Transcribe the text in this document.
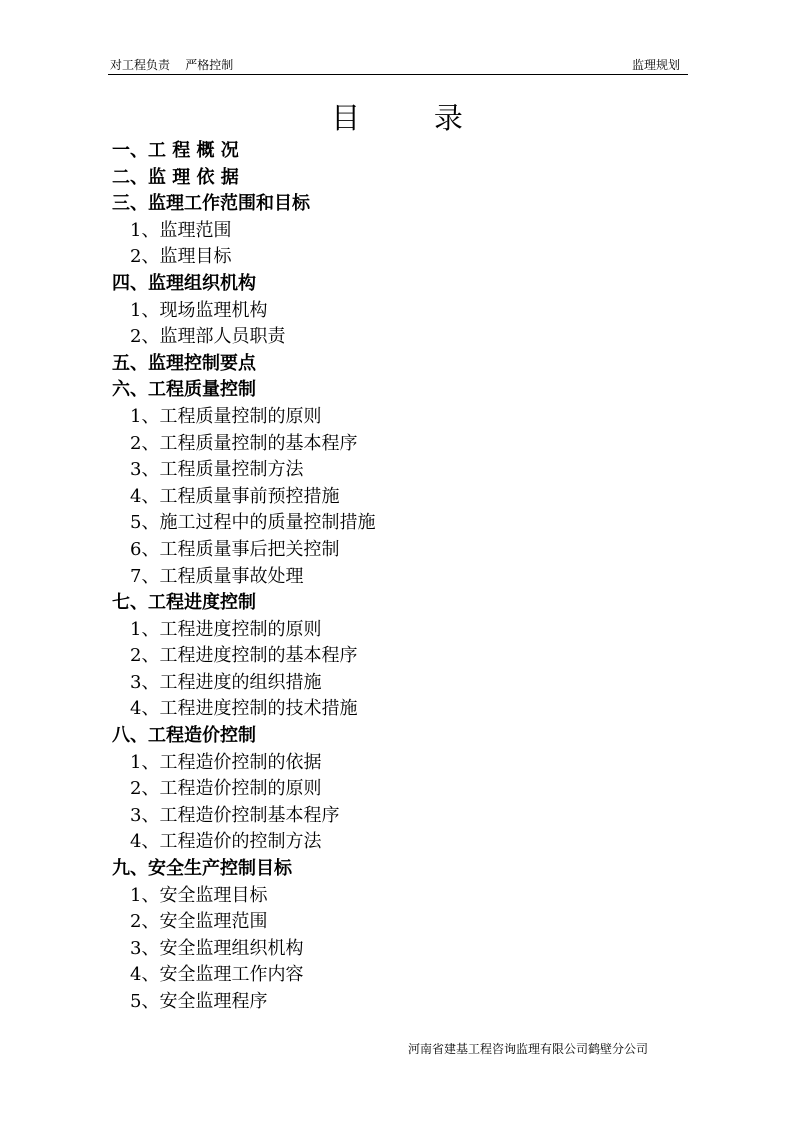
对工程负责    严格控制	监理规划
目        录
一、工 程 概 况
二、监 理 依 据
三、监理工作范围和目标
1、监理范围
2、监理目标
四、监理组织机构
1、现场监理机构
2、监理部人员职责
五、监理控制要点
六、工程质量控制
1、工程质量控制的原则
2、工程质量控制的基本程序
3、工程质量控制方法
4、工程质量事前预控措施
5、施工过程中的质量控制措施
6、工程质量事后把关控制
7、工程质量事故处理
七、工程进度控制
1、工程进度控制的原则
2、工程进度控制的基本程序
3、工程进度的组织措施
4、工程进度控制的技术措施
八、工程造价控制
1、工程造价控制的依据
2、工程造价控制的原则
3、工程造价控制基本程序
4、工程造价的控制方法
九、安全生产控制目标
1、安全监理目标
2、安全监理范围
3、安全监理组织机构
4、安全监理工作内容
5、安全监理程序
河南省建基工程咨询监理有限公司鹤壁分公司
